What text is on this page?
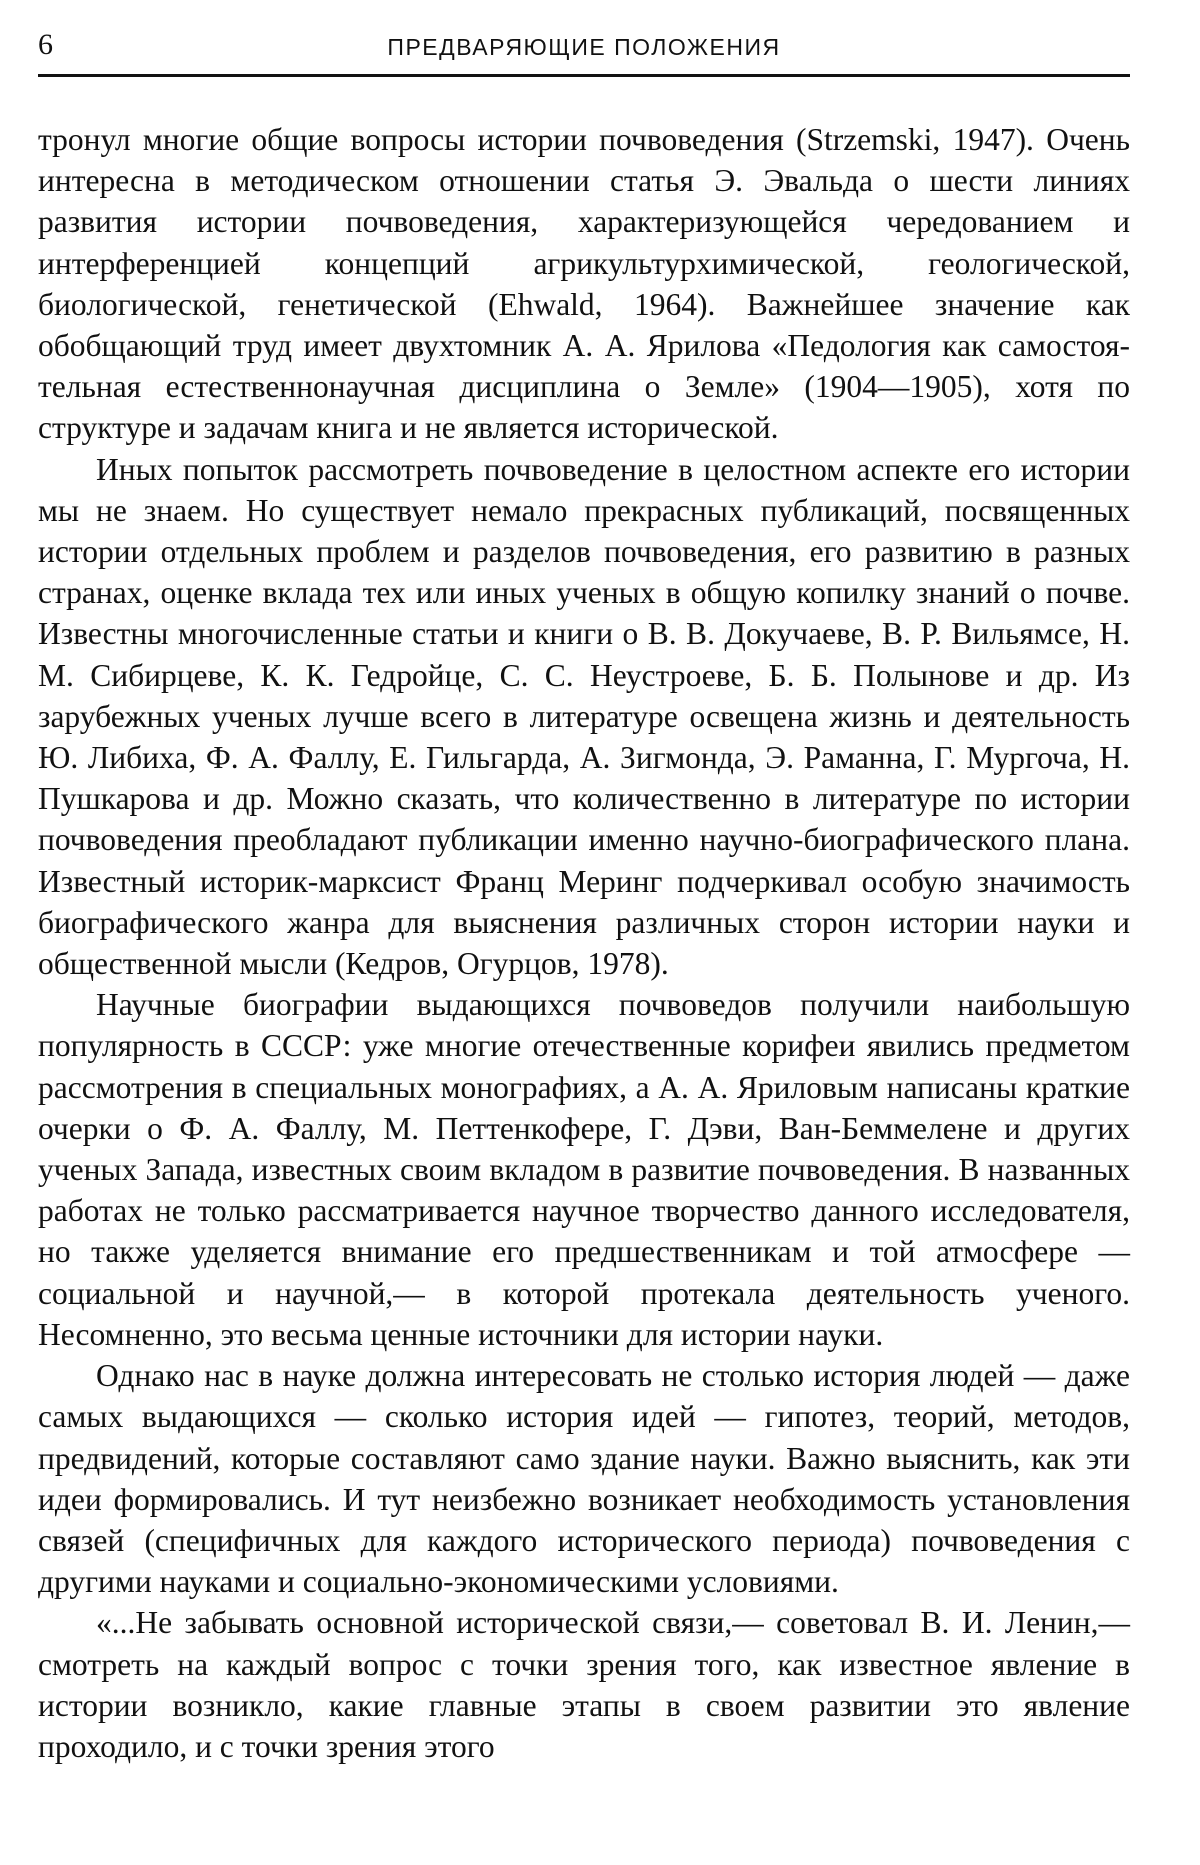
6	ПРЕДВАРЯЮЩИЕ ПОЛОЖЕНИЯ

тронул многие общие вопросы истории почвоведения (Strzemski, 1947). Очень интересна в методическом отношении статья Э. Эвальда о шести линиях развития истории почвоведения, характеризующейся чередованием и интерференцией концепций агрикультурхимической, геологической, биологической, генетической (Ehwald, 1964). Важнейшее значение как обобщающий труд имеет двухтомник А. А. Ярилова «Педология как самостоятельная естественнонаучная дисциплина о Земле» (1904—1905), хотя по структуре и задачам книга и не является исторической.

Иных попыток рассмотреть почвоведение в целостном аспекте его истории мы не знаем. Но существует немало прекрасных публикаций, посвященных истории отдельных проблем и разделов почвоведения, его развитию в разных странах, оценке вклада тех или иных ученых в общую копилку знаний о почве. Известны многочисленные статьи и книги о В. В. Докучаеве, В. Р. Вильямсе, Н. М. Сибирцеве, К. К. Гедройце, С. С. Неустроеве, Б. Б. Полынове и др. Из зарубежных ученых лучше всего в литературе освещена жизнь и деятельность Ю. Либиха, Ф. А. Фаллу, Е. Гильгарда, А. Зигмонда, Э. Раманна, Г. Мургоча, Н. Пушкарова и др. Можно сказать, что количественно в литературе по истории почвоведения преобладают публикации именно научно-биографического плана. Известный историк-марксист Франц Меринг подчеркивал особую значимость биографического жанра для выяснения различных сторон истории науки и общественной мысли (Кедров, Огурцов, 1978).

Научные биографии выдающихся почвоведов получили наибольшую популярность в СССР: уже многие отечественные корифеи явились предметом рассмотрения в специальных монографиях, а А. А. Яриловым написаны краткие очерки о Ф. А. Фаллу, М. Петтенкофере, Г. Дэви, Ван-Беммелене и других ученых Запада, известных своим вкладом в развитие почвоведения. В названных работах не только рассматривается научное творчество данного исследователя, но также уделяется внимание его предшественникам и той атмосфере — социальной и научной,— в которой протекала деятельность ученого. Несомненно, это весьма ценные источники для истории науки.

Однако нас в науке должна интересовать не столько история людей — даже самых выдающихся — сколько история идей — гипотез, теорий, методов, предвидений, которые составляют само здание науки. Важно выяснить, как эти идеи формировались. И тут неизбежно возникает необходимость установления связей (специфичных для каждого исторического периода) почвоведения с другими науками и социально-экономическими условиями.

«...Не забывать основной исторической связи,— советовал В. И. Ленин,— смотреть на каждый вопрос с точки зрения того, как известное явление в истории возникло, какие главные этапы в своем развитии это явление проходило, и с точки зрения этого
